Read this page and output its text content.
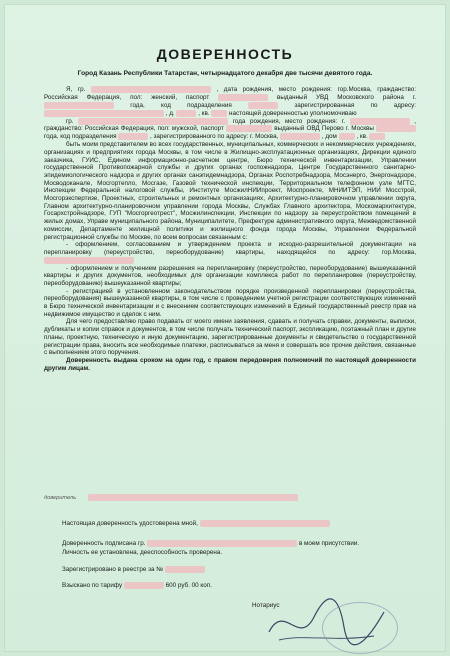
ДОВЕРЕННОСТЬ
Город Казань Республики Татарстан, четырнадцатого декабря две тысячи девятого года.

Я, гр.	, дата рождения, место рождения: гор.Москва, гражданство: Российская Федерация, пол: женский, паспорт	выданный УВД Московского района г.  года, код подразделения	зарегистрированная по адресу:  , д.	, кв.	настоящей доверенностью уполномочиваю

гр.	года рождения, место рождения: г.	, гражданство: Российская Федерация, пол: мужской, паспорт	выданный ОВД Перово г. Москвы  года, код подразделения	, зарегистрированного по адресу: г. Москва,	, дом	, кв.

быть моим представителем во всех государственных, муниципальных, коммерческих и некоммерческих учреждениях, организациях и предприятиях города Москвы, в том числе в Жилищно-эксплуатационных организациях, Дирекции единого заказчика, ГУИС, Едином информационно-расчетном центре, Бюро технической инвентаризации, Управлении государственной Противопожарной службы и других органах госпожнадзора, Центре Государственного санитарно-эпидемиологического надзора и других органах санэпидемнадзора, Органах Роспотребнадзора, Мосэнерго, Энергонадзоре, Мосводоканале, Мосгортепло, Мосгазе, Газовой технической инспекции, Территориальном телефонном узле МГТС, Инспекции Федеральной налоговой службы, Институте МосжилНИИпроект, Моспроекте, МНИИТЭП, НИИ Мосстрой, Мосгорэкспертизе, Проектных, строительных и ремонтных организациях, Архитектурно-планировочном управлении округа, Главном архитектурно-планировочном управлении города Москвы, Службах Главного архитектора, Москомархитектуре, Госархстройнадзоре, ГУП "Мосгоргеотрест", Мосжилинспекции, Инспекции по надзору за переустройством помещений в жилых домах, Управе муниципального района, Муниципалитете, Префектуре административного округа, Межведомственной комиссии, Департаменте жилищной политики и жилищного фонда города Москвы, Управлении Федеральной регистрационной службы по Москве, по всем вопросам связанным с:

- оформлением, согласованием и утверждением проекта и исходно-разрешительной документации на перепланировку (переустройство, переоборудование) квартиры, находящейся по адресу: гор.Москва,

- оформлением и получением разрешения на перепланировку (переустройство, переоборудование) вышеуказанной квартиры и других документов, необходимых для организации комплекса работ по перепланировке (переустройству, переоборудованию) вышеуказанной квартиры;

- регистрацией в установленном законодательством порядке произведенной перепланировки (переустройства, переоборудования) вышеуказанной квартиры, в том числе с проведением учетной регистрации соответствующих изменений в Бюро технической инвентаризации и с внесением соответствующих изменений в Единый государственный реестр прав на недвижимое имущество и сделок с ним.

Для чего предоставляю право подавать от моего имени заявления, сдавать и получать справки, документы, выписки, дубликаты и копии справок и документов, в том числе получать технический паспорт, экспликацию, поэтажный план и другие планы, проектную, техническую и иную документацию, зарегистрированные документы и свидетельство о государственной регистрации права, вносить все необходимые платежи, расписываться за меня и совершать все прочие действия, связанные с выполнением этого поручения.

Доверенность выдана сроком на один год, с правом передоверия полномочий по настоящей доверенности другим лицам.

доверитель
Настоящая доверенность удостоверена мной,
Доверенность подписана гр.	в моем присутствии.
Личность ее установлена, дееспособность проверена.
Зарегистрировано в реестре за №
Взыскано по тарифу	600 руб. 00 коп.
Нотариус
